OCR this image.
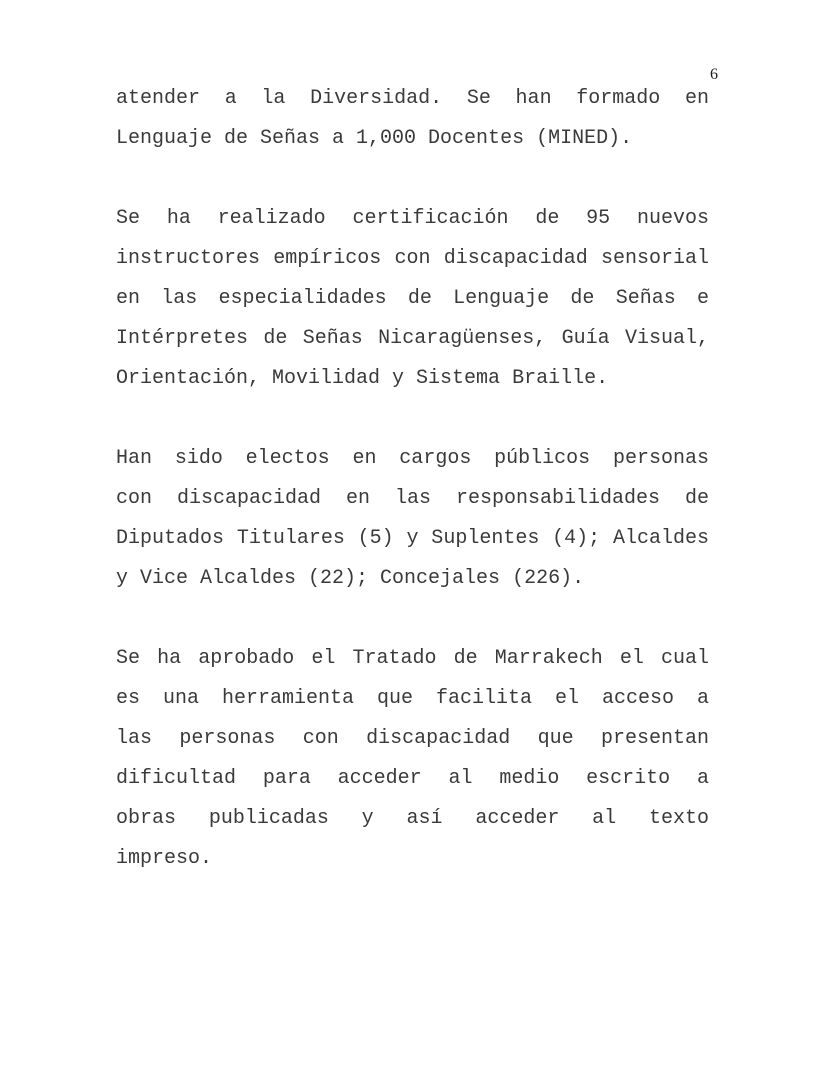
6
atender a la Diversidad. Se han formado en
Lenguaje de Señas a 1,000 Docentes (MINED).
Se ha realizado certificación de 95 nuevos
instructores empíricos con discapacidad sensorial
en las especialidades de Lenguaje de Señas e
Intérpretes de Señas Nicaragüenses, Guía Visual,
Orientación, Movilidad y Sistema Braille.
Han sido electos en cargos públicos personas
con discapacidad en las responsabilidades de
Diputados Titulares (5) y Suplentes (4); Alcaldes
y Vice Alcaldes (22); Concejales (226).
Se ha aprobado el Tratado de Marrakech el cual
es una herramienta que facilita el acceso a
las personas con discapacidad que presentan
dificultad para acceder al medio escrito a
obras publicadas y así acceder al texto
impreso.
